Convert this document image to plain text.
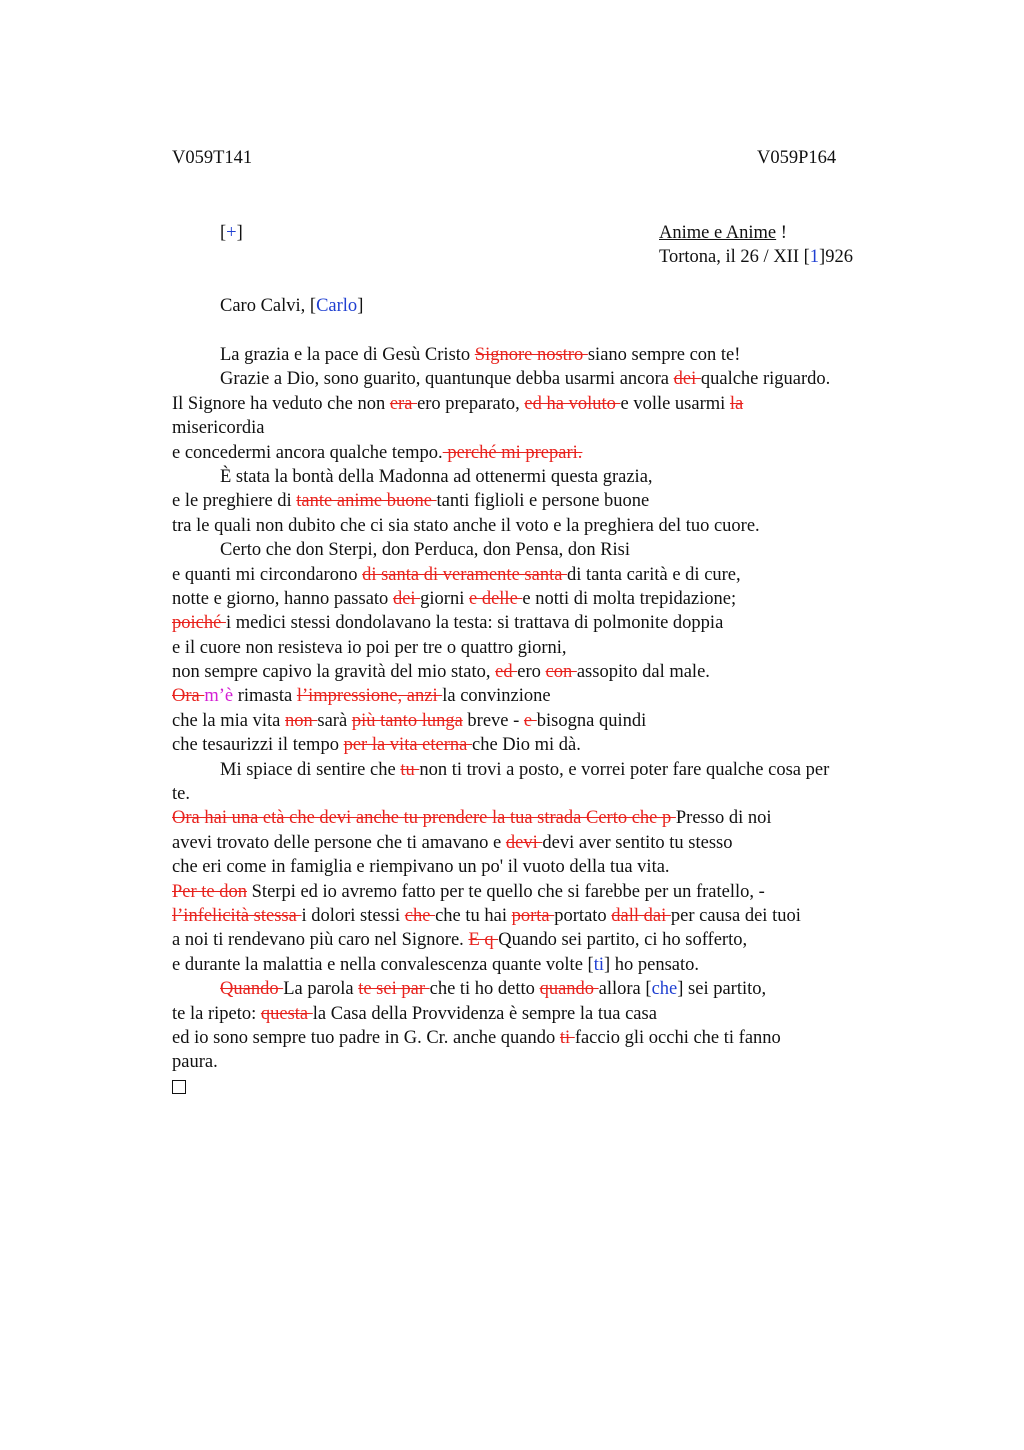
V059T141	V059P164
[+]	Anime e Anime !
Tortona, il 26 / XII [1]926
Caro Calvi, [Carlo]
La grazia e la pace di Gesù Cristo Signore nostro siano sempre con te!
Grazie a Dio, sono guarito, quantunque debba usarmi ancora dei qualche riguardo.
Il Signore ha veduto che non era ero preparato, ed ha voluto e volle usarmi la
misericordia
e concedermi ancora qualche tempo. perché mi prepari.
È stata la bontà della Madonna ad ottenermi questa grazia,
e le preghiere di tante anime buone tanti figlioli e persone buone
tra le quali non dubito che ci sia stato anche il voto e la preghiera del tuo cuore.
Certo che don Sterpi, don Perduca, don Pensa, don Risi
e quanti mi circondarono di santa di veramente santa di tanta carità e di cure,
notte e giorno, hanno passato dei giorni e delle e notti di molta trepidazione;
poiché i medici stessi dondolavano la testa: si trattava di polmonite doppia
e il cuore non resisteva io poi per tre o quattro giorni,
non sempre capivo la gravità del mio stato, ed ero con assopito dal male.
Ora m’è rimasta l’impressione, anzi la convinzione
che la mia vita non sarà più tanto lunga breve - e bisogna quindi
che tesaurizzi il tempo per la vita eterna che Dio mi dà.
Mi spiace di sentire che tu non ti trovi a posto, e vorrei poter fare qualche cosa per
te.
Ora hai una età che devi anche tu prendere la tua strada Certo che p Presso di noi
avevi trovato delle persone che ti amavano e devi devi aver sentito tu stesso
che eri come in famiglia e riempivano un po' il vuoto della tua vita.
Per te don Sterpi ed io avremo fatto per te quello che si farebbe per un fratello, -
l’infelicità stessa i dolori stessi che che tu hai porta portato dall dai per causa dei tuoi
a noi ti rendevano più caro nel Signore. E q Quando sei partito, ci ho sofferto,
e durante la malattia e nella convalescenza quante volte [ti] ho pensato.
Quando La parola te sei par che ti ho detto quando allora [che] sei partito,
te la ripeto: questa la Casa della Provvidenza è sempre la tua casa
ed io sono sempre tuo padre in G. Cr. anche quando ti faccio gli occhi che ti fanno
paura.
